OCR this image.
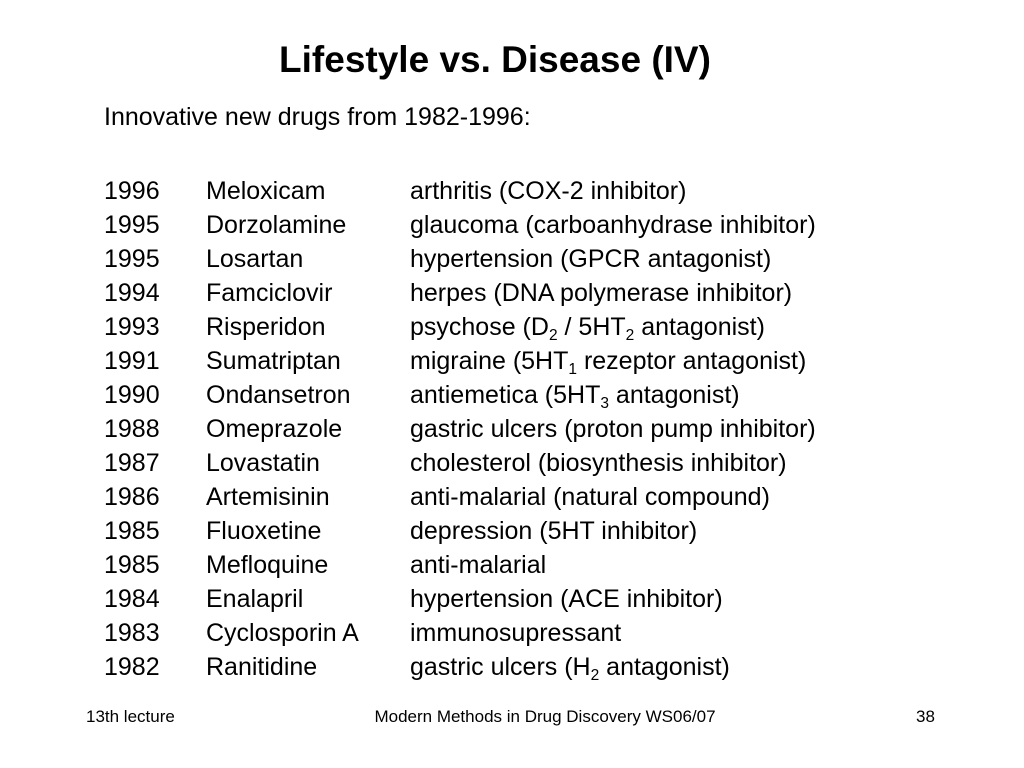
Lifestyle vs. Disease (IV)
Innovative new drugs from 1982-1996:
1996	Meloxicam	arthritis (COX-2 inhibitor)
1995	Dorzolamine	glaucoma (carboanhydrase inhibitor)
1995	Losartan	hypertension (GPCR antagonist)
1994	Famciclovir	herpes (DNA polymerase inhibitor)
1993	Risperidon	psychose ($D_2 / 5HT_2$ antagonist)
1991	Sumatriptan	migraine ($5HT_1$ rezeptor antagonist)
1990	Ondansetron	antiemetica ($5HT_3$ antagonist)
1988	Omeprazole	gastric ulcers (proton pump inhibitor)
1987	Lovastatin	cholesterol (biosynthesis inhibitor)
1986	Artemisinin	anti-malarial (natural compound)
1985	Fluoxetine	depression (5HT inhibitor)
1985	Mefloquine	anti-malarial
1984	Enalapril	hypertension (ACE inhibitor)
1983	Cyclosporin A	immunosupressant
1982	Ranitidine	gastric ulcers ($H_2$ antagonist)
13th lecture	Modern Methods in Drug Discovery WS06/07	38
